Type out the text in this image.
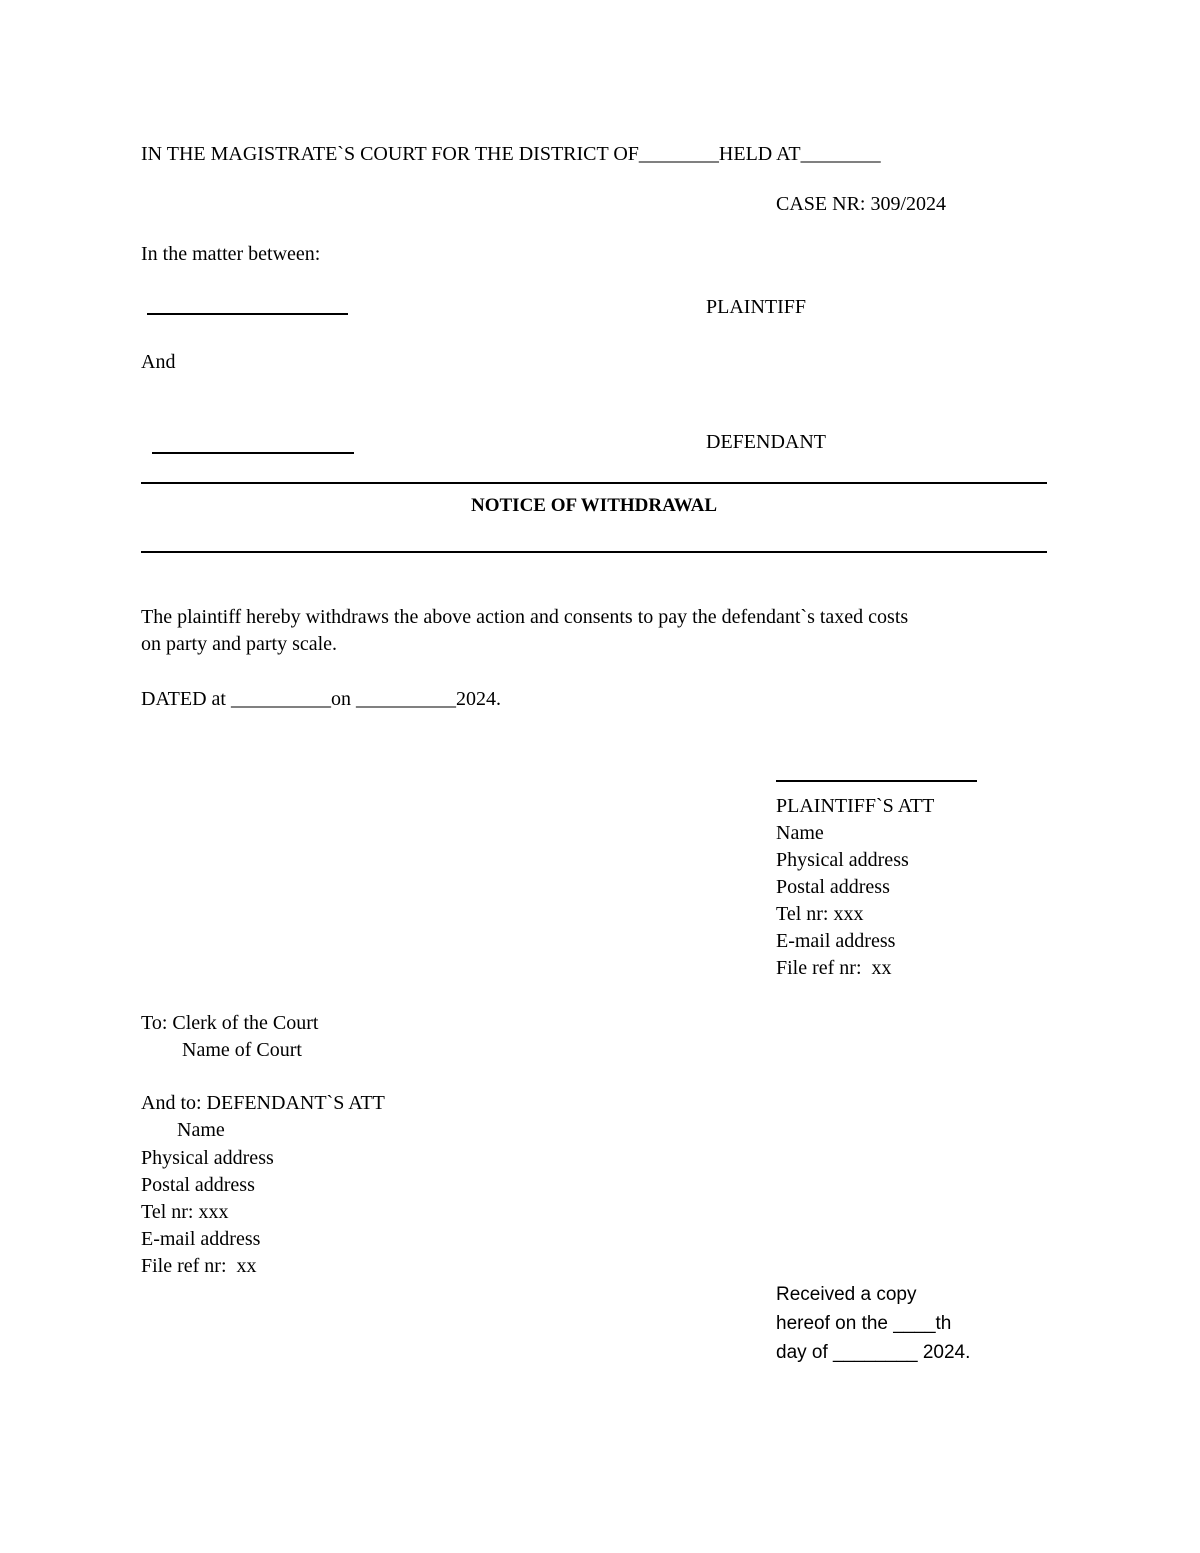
IN THE MAGISTRATE`S COURT FOR THE DISTRICT OF________HELD AT________
CASE NR: 309/2024
In the matter between:
PLAINTIFF
And
DEFENDANT
NOTICE OF WITHDRAWAL
The plaintiff hereby withdraws the above action and consents to pay the defendant`s taxed costs
on party and party scale.
DATED at __________on __________2024.
PLAINTIFF`S ATT
Name
Physical address
Postal address
Tel nr: xxx
E-mail address
File ref nr:  xx
To: Clerk of the Court
Name of Court
And to: DEFENDANT`S ATT
Name
Physical address
Postal address
Tel nr: xxx
E-mail address
File ref nr:  xx
Received a copy
hereof on the ____th
day of ________ 2024.
